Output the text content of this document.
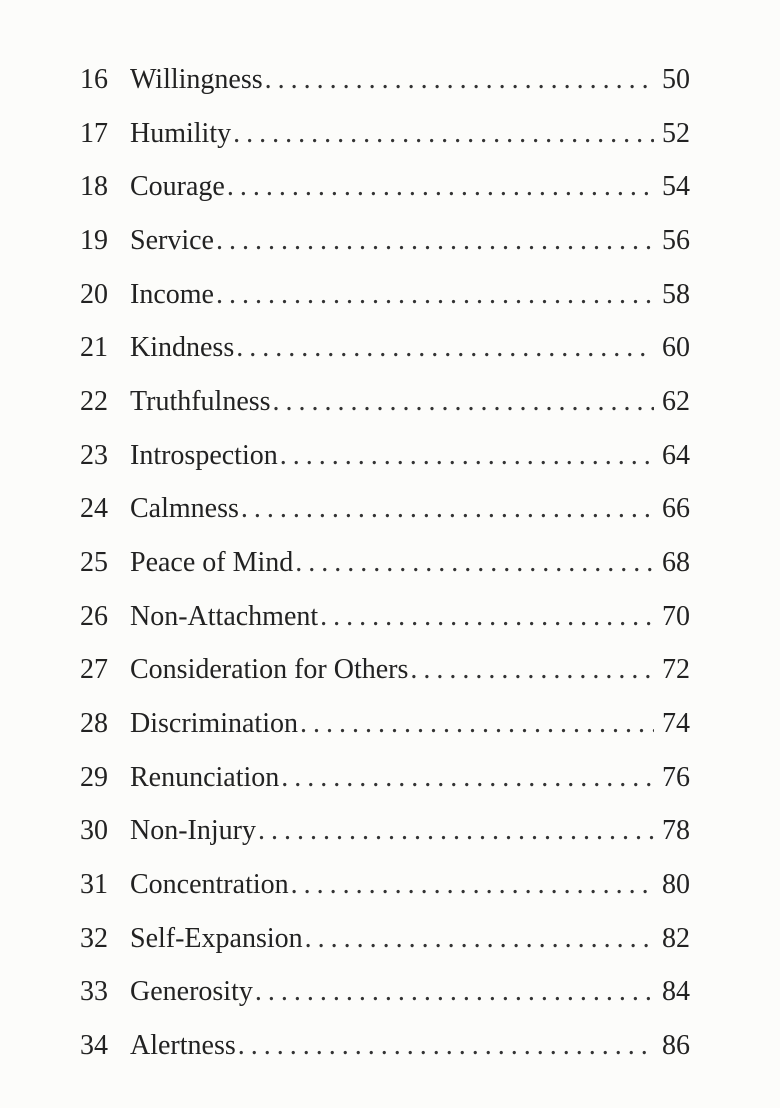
16 Willingness . . .	50
17 Humility . . .	52
18 Courage . . .	54
19 Service . . .	56
20 Income . . .	58
21 Kindness . . .	60
22 Truthfulness . . .	62
23 Introspection . . .	64
24 Calmness . . .	66
25 Peace of Mind . . .	68
26 Non-Attachment . . .	70
27 Consideration for Others . . .	72
28 Discrimination . . .	74
29 Renunciation . . .	76
30 Non-Injury . . .	78
31 Concentration . . .	80
32 Self-Expansion . . .	82
33 Generosity . . .	84
34 Alertness . . .	86
